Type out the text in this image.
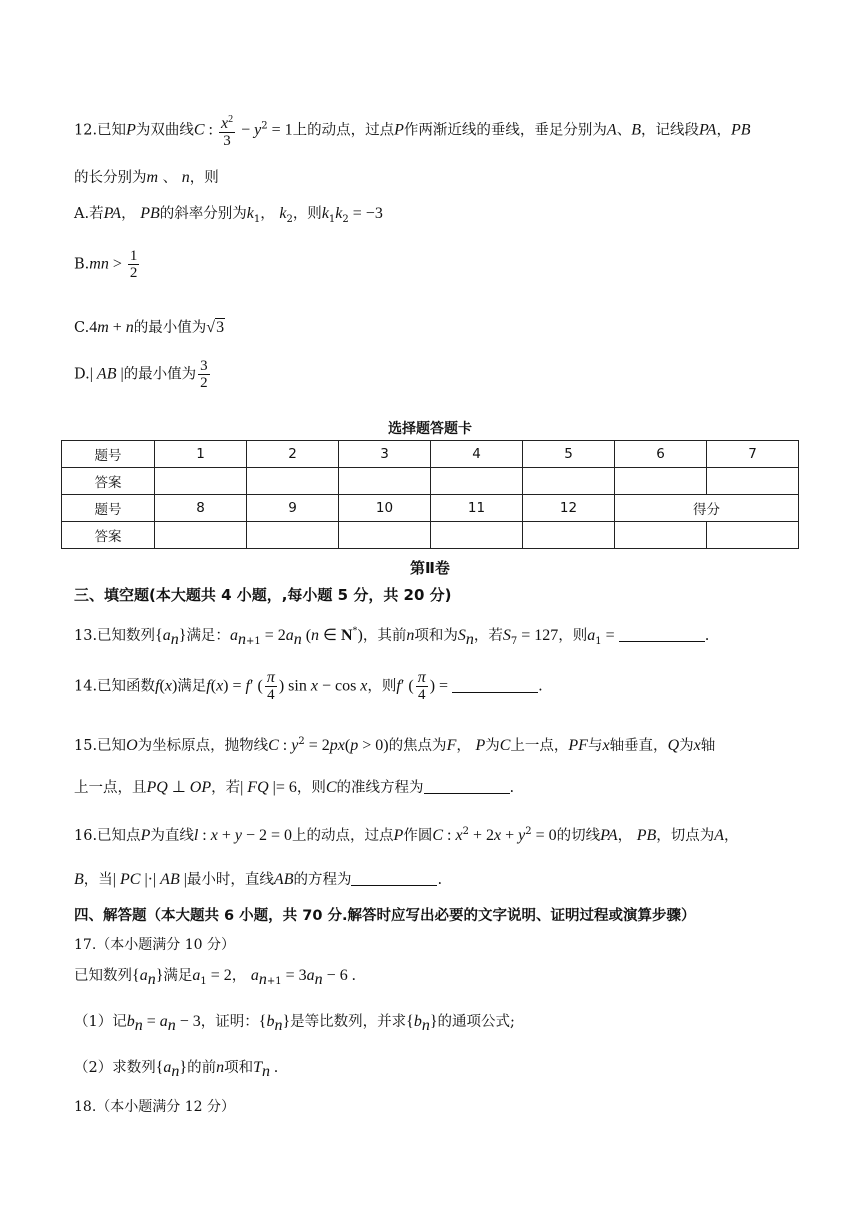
12.已知P为双曲线C : $\frac{x^2}{3} - y^2 = 1$上的动点，过点P作两渐近线的垂线，垂足分别为A、B，记线段PA，PB
的长分别为m 、 n，则
A.若PA， PB的斜率分别为$k_1$， $k_2$，则$k_1k_2 = -3$
$B.mn > \frac{1}{2}$
C.4m + n的最小值为√3
D.| AB |的最小值为 $\frac{3}{2}$
选择题答题卡
题号	1	2	3	4	5	6	7
答案							
题号	8	9	10	11	12	得分	
答案							
第Ⅱ卷
三、填空题(本大题共 4 小题，,每小题 5 分，共 20 分)
13.已知数列$\{a_n\}$满足：$a_{n+1} = 2a_n$ (n ∈ N*)，其前n项和为$S_n$，若$S_7 = 127$，则$a_1$ =	.
14.已知函数f(x)满足f(x) = f′ ( $\frac{\pi}{4}$ ) sin x − cos x，则f′ ( $\frac{\pi}{4}$ ) =	.
15.已知O为坐标原点，抛物线C : $y^2 = 2px(p > 0)$的焦点为F， P为C上一点，PF与x轴垂直，Q为x轴
上一点，且PQ ⊥ OP，若| FQ |= 6，则C的准线方程为	.
16.已知点P为直线l : x + y − 2 = 0上的动点，过点P作圆C : $x^2 + 2x + y^2 = 0$的切线PA， PB，切点为A，
B，当| PC |·| AB |最小时，直线AB的方程为	.
四、解答题（本大题共 6 小题，共 70 分.解答时应写出必要的文字说明、证明过程或演算步骤）
17.（本小题满分 10 分）
已知数列$\{a_n\}$满足$a_1 = 2$， $a_{n+1} = 3a_n - 6$ .
（1）记$b_n = a_n - 3$，证明：$\{b_n\}$是等比数列，并求$\{b_n\}$的通项公式;
（2）求数列$\{a_n\}$的前n项和$T_n$ .
18.（本小题满分 12 分）
